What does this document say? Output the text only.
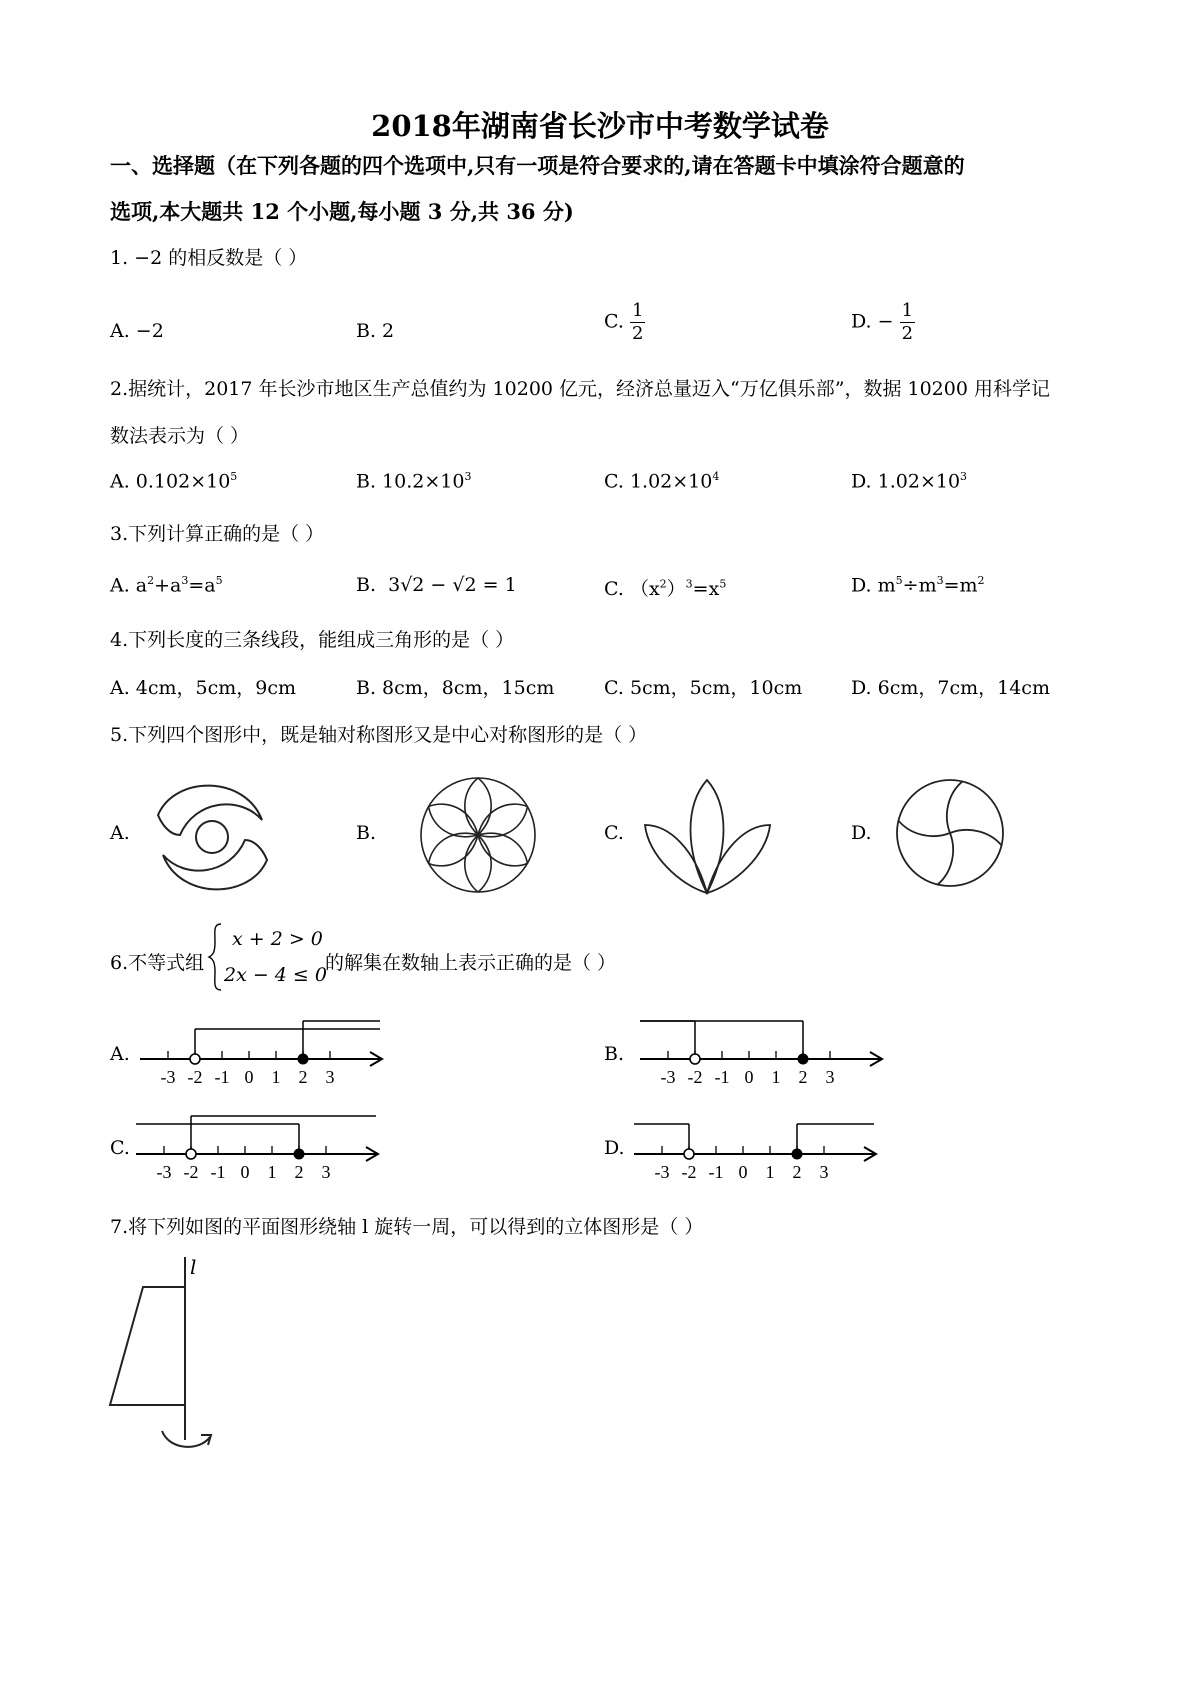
2018年湖南省长沙市中考数学试卷
一、选择题（在下列各题的四个选项中,只有一项是符合要求的,请在答题卡中填涂符合题意的
选项,本大题共 12 个小题,每小题 3 分,共 36 分)
1. −2 的相反数是（ ）
A. −2	B. 2	C. $\frac{1}{2}$	D. − $\frac{1}{2}$
2.据统计，2017 年长沙市地区生产总值约为 10200 亿元，经济总量迈入“万亿俱乐部”，数据 10200 用科学记
数法表示为（ ）
A. $0.102\times 10^5$	B. $10.2\times 10^3$	C. $1.02\times 10^4$	D. $1.02\times 10^3$
3.下列计算正确的是（ ）
A. $a^2+a^3=a^5$	B. 3√2 − √2 = 1	C. $(x^2)^3=x^5$	D. $m^5\div m^3=m^2$
4.下列长度的三条线段，能组成三角形的是（ ）
A. 4cm，5cm，9cm	B. 8cm，8cm，15cm	C. 5cm，5cm，10cm	D. 6cm，7cm，14cm
5.下列四个图形中，既是轴对称图形又是中心对称图形的是（ ）
A.	B.	C.	D.
6.不等式组
x + 2 > 0
2x − 4 ≤ 0
的解集在数轴上表示正确的是（ ）
A.	B.
C.	D.
-3 -2 -1 0 1 2 3	-3 -2 -1 0 1 2 3
-3 -2 -1 0 1 2 3	-3 -2 -1 0 1 2 3
7.将下列如图的平面图形绕轴 l 旋转一周，可以得到的立体图形是（ ）
l
